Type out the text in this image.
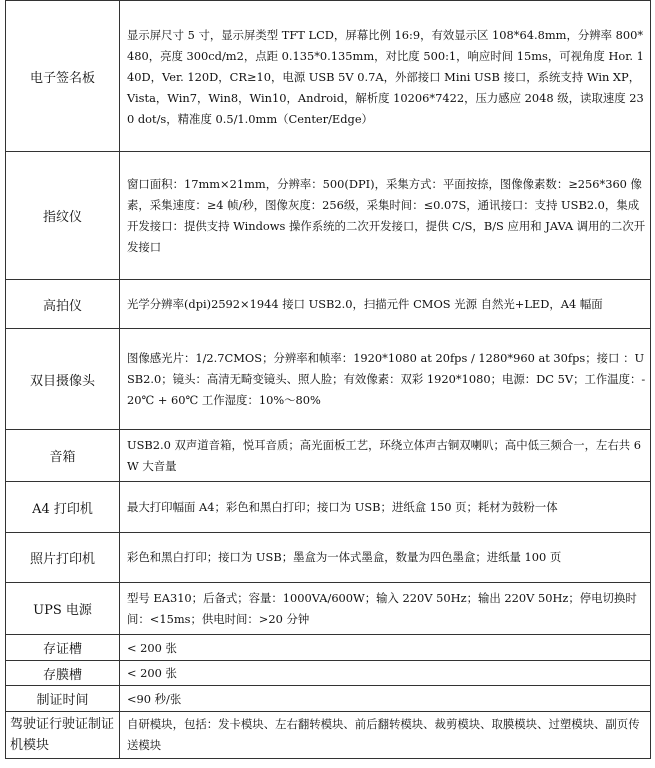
电子签名板	显示屏尺寸 5 寸，显示屏类型 TFT LCD，屏幕比例 16:9，有效显示区 108*64.8mm，分辨率 800*480，亮度 300cd/m2，点距 0.135*0.135mm，对比度 500:1，响应时间 15ms，可视角度 Hor. 140D，Ver. 120D，CR≥10，电源 USB 5V 0.7A，外部接口 Mini USB 接口，系统支持 Win XP，Vista，Win7，Win8，Win10，Android，解析度 10206*7422，压力感应 2048 级，读取速度 230 dot/s，精准度 0.5/1.0mm（Center/Edge）
指纹仪	窗口面积：17mm×21mm，分辨率：500(DPI)，采集方式：平面按捺，图像像素数：≥256*360 像素，采集速度：≥4 帧/秒，图像灰度：256级，采集时间：≤0.07S，通讯接口：支持 USB2.0，集成开发接口：提供支持 Windows 操作系统的二次开发接口，提供 C/S，B/S 应用和 JAVA 调用的二次开发接口
高拍仪	光学分辨率(dpi)2592×1944 接口 USB2.0，扫描元件 CMOS 光源 自然光+LED，A4 幅面
双目摄像头	图像感光片：1/2.7CMOS；分辨率和帧率：1920*1080 at 20fps / 1280*960 at 30fps；接口 ：USB2.0；镜头：高清无畸变镜头、照人脸；有效像素：双彩 1920*1080；电源：DC 5V；工作温度：-20℃ + 60℃ 工作湿度：10%～80%
音箱	USB2.0 双声道音箱，悦耳音质；高光面板工艺，环绕立体声古铜双喇叭；高中低三频合一，左右共 6W 大音量
A4 打印机	最大打印幅面 A4；彩色和黑白打印；接口为 USB；进纸盒 150 页；耗材为鼓粉一体
照片打印机	彩色和黑白打印；接口为 USB；墨盒为一体式墨盒，数量为四色墨盒；进纸量 100 页
UPS 电源	型号 EA310；后备式；容量：1000VA/600W；输入 220V 50Hz；输出 220V 50Hz；停电切换时间：<15ms；供电时间：>20 分钟
存证槽	< 200 张
存膜槽	< 200 张
制证时间	<90 秒/张
驾驶证行驶证制证机模块	自研模块，包括：发卡模块、左右翻转模块、前后翻转模块、裁剪模块、取膜模块、过塑模块、副页传送模块
